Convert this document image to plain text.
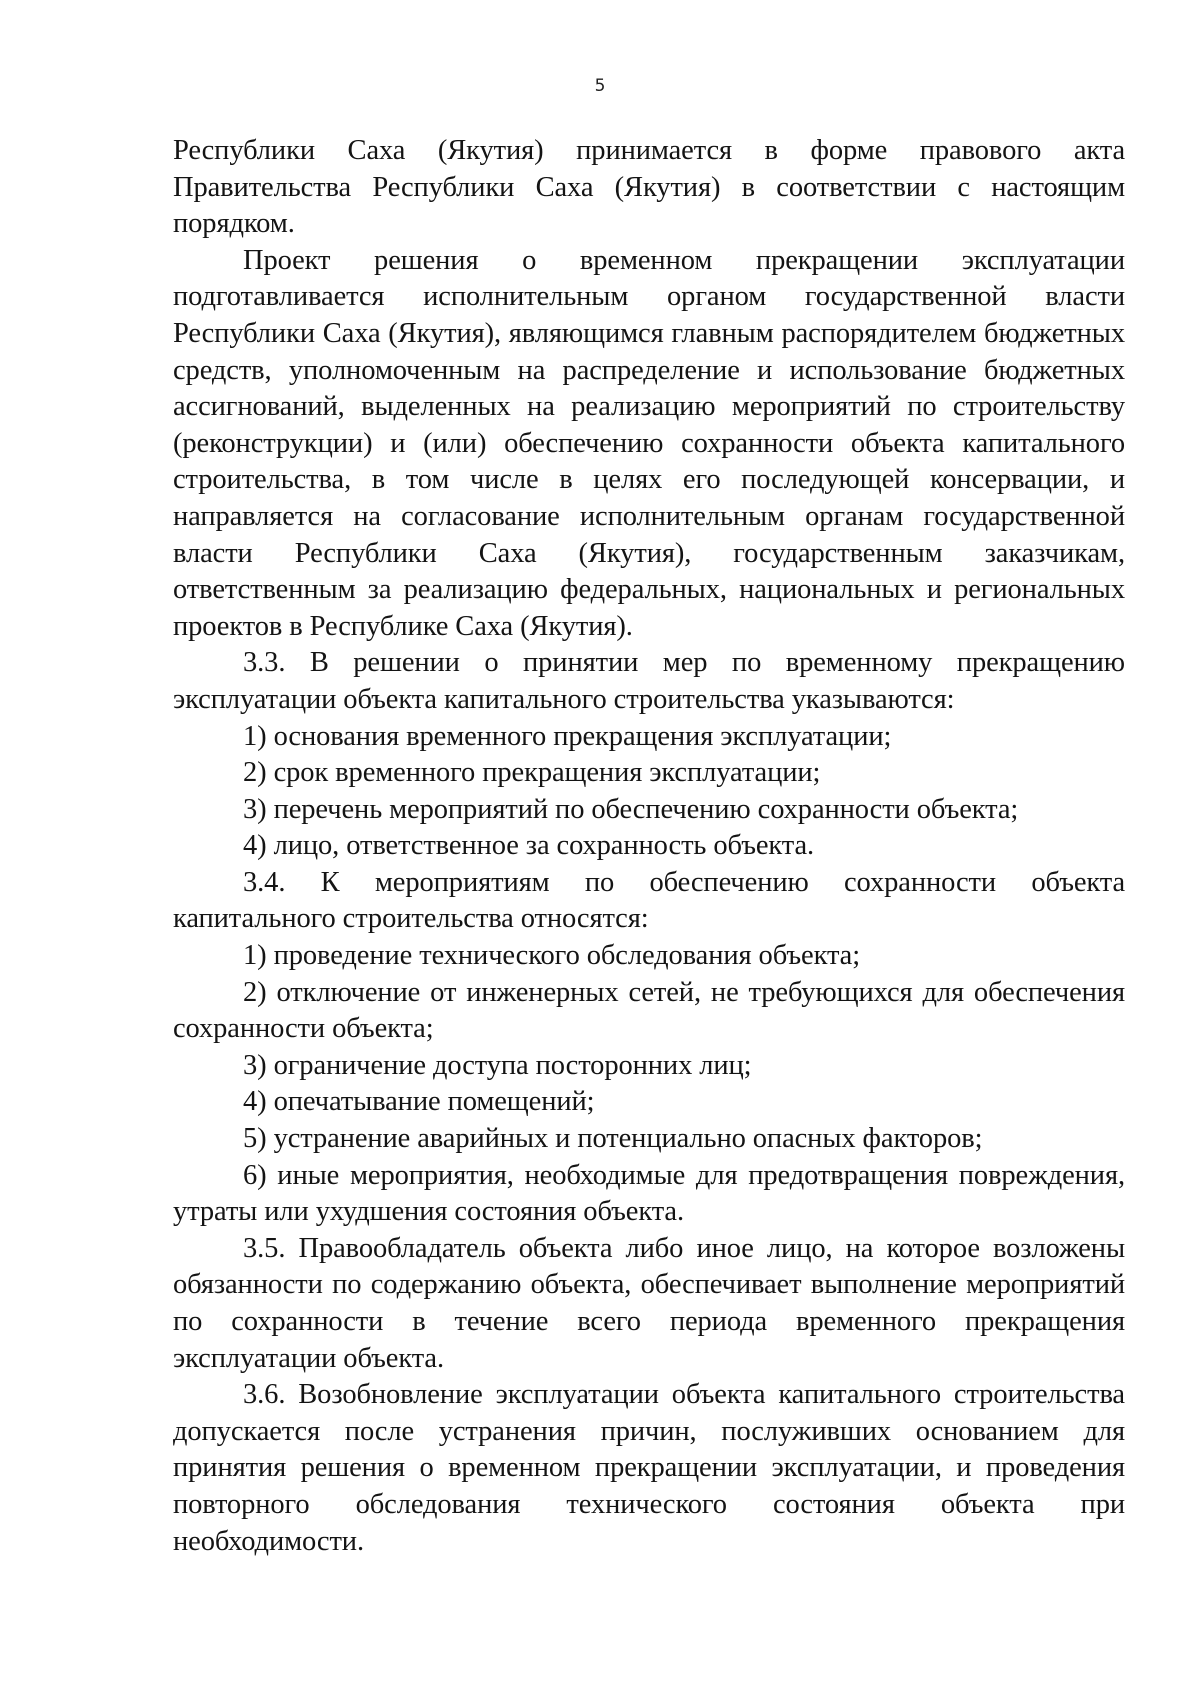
5

Республики Саха (Якутия) принимается в форме правового акта Правительства Республики Саха (Якутия) в соответствии с настоящим порядком.

Проект решения о временном прекращении эксплуатации подготавливается исполнительным органом государственной власти Республики Саха (Якутия), являющимся главным распорядителем бюджетных средств, уполномоченным на распределение и использование бюджетных ассигнований, выделенных на реализацию мероприятий по строительству (реконструкции) и (или) обеспечению сохранности объекта капитального строительства, в том числе в целях его последующей консервации, и направляется на согласование исполнительным органам государственной власти Республики Саха (Якутия), государственным заказчикам, ответственным за реализацию федеральных, национальных и региональных проектов в Республике Саха (Якутия).

3.3. В решении о принятии мер по временному прекращению эксплуатации объекта капитального строительства указываются:

1) основания временного прекращения эксплуатации;

2) срок временного прекращения эксплуатации;

3) перечень мероприятий по обеспечению сохранности объекта;

4) лицо, ответственное за сохранность объекта.

3.4. К мероприятиям по обеспечению сохранности объекта капитального строительства относятся:

1) проведение технического обследования объекта;

2) отключение от инженерных сетей, не требующихся для обеспечения сохранности объекта;

3) ограничение доступа посторонних лиц;

4) опечатывание помещений;

5) устранение аварийных и потенциально опасных факторов;

6) иные мероприятия, необходимые для предотвращения повреждения, утраты или ухудшения состояния объекта.

3.5. Правообладатель объекта либо иное лицо, на которое возложены обязанности по содержанию объекта, обеспечивает выполнение мероприятий по сохранности в течение всего периода временного прекращения эксплуатации объекта.

3.6. Возобновление эксплуатации объекта капитального строительства допускается после устранения причин, послуживших основанием для принятия решения о временном прекращении эксплуатации, и проведения повторного обследования технического состояния объекта при необходимости.
